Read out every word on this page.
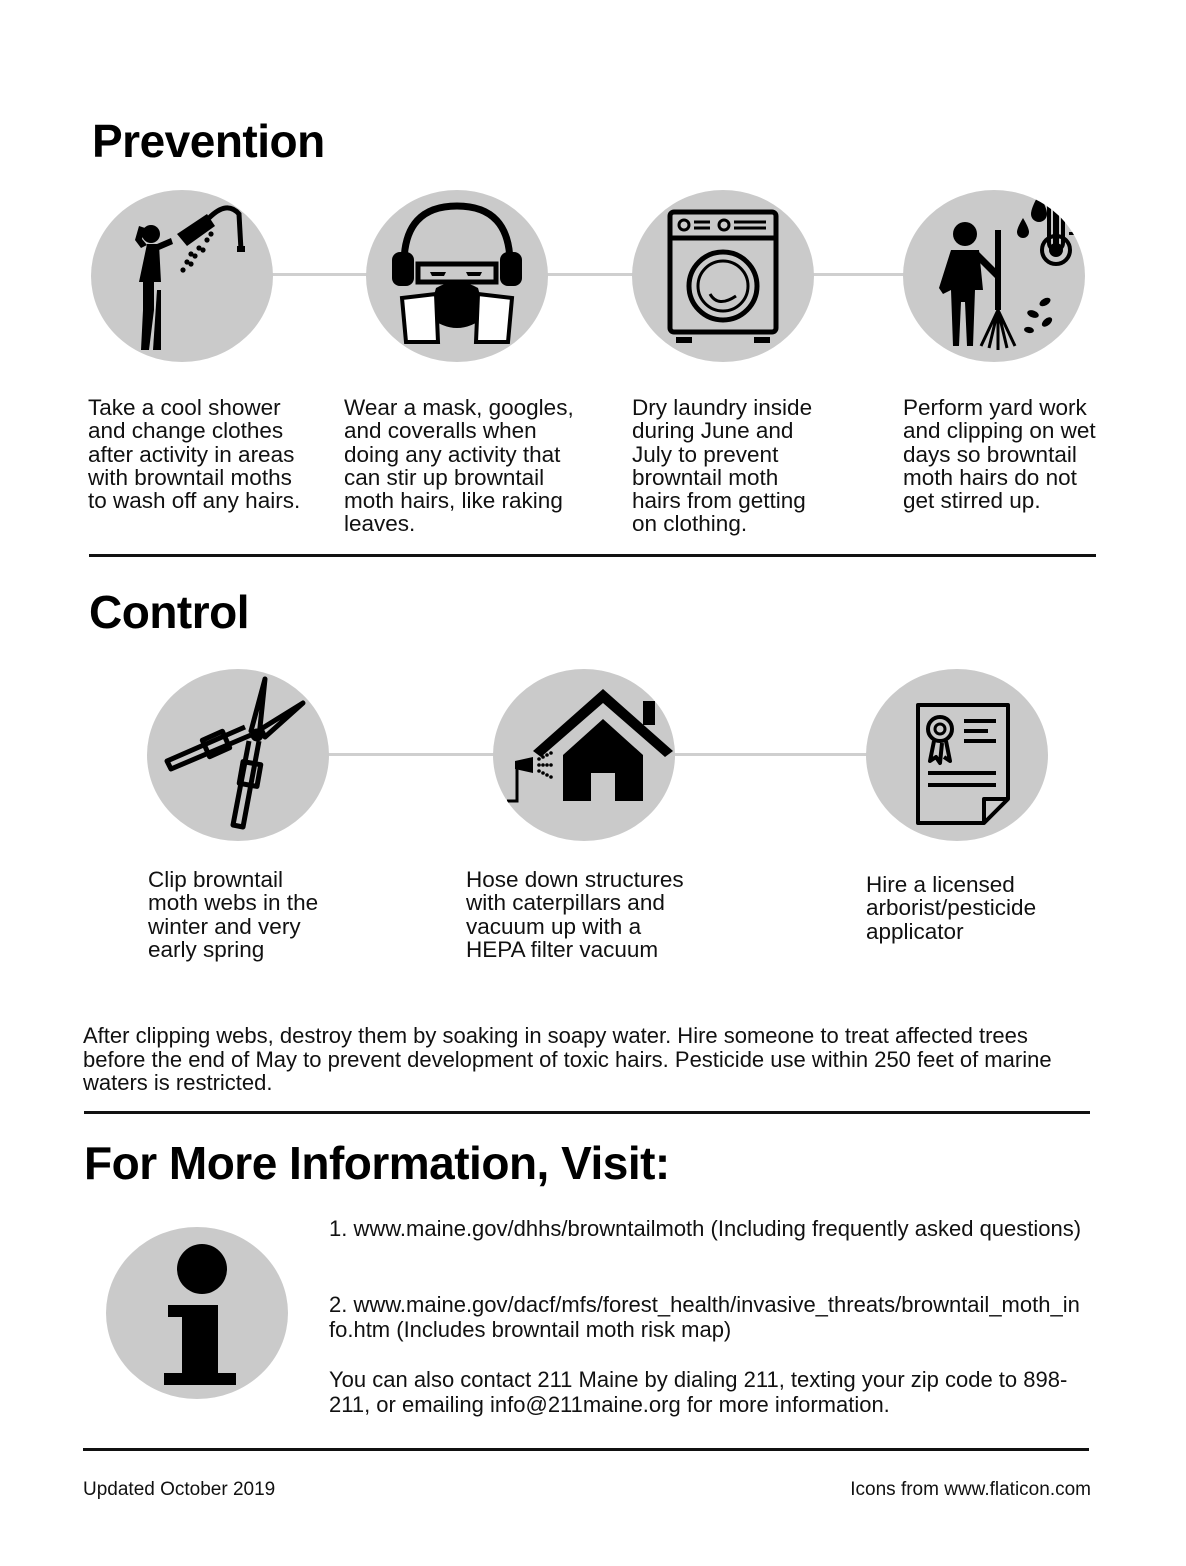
Prevention

Take a cool shower and change clothes after activity in areas with browntail moths to wash off any hairs.

Wear a mask, googles, and coveralls when doing any activity that can stir up browntail moth hairs, like raking leaves.

Dry laundry inside during June and July to prevent browntail moth hairs from getting on clothing.

Perform yard work and clipping on wet days so browntail moth hairs do not get stirred up.

Control

Clip browntail moth webs in the winter and very early spring

Hose down structures with caterpillars and vacuum up with a HEPA filter vacuum

Hire a licensed arborist/pesticide applicator

After clipping webs, destroy them by soaking in soapy water. Hire someone to treat affected trees before the end of May to prevent development of toxic hairs. Pesticide use within 250 feet of marine waters is restricted.

For More Information, Visit:

1. www.maine.gov/dhhs/browntailmoth (Including frequently asked questions)

2. www.maine.gov/dacf/mfs/forest_health/invasive_threats/browntail_moth_info.htm (Includes browntail moth risk map)

You can also contact 211 Maine by dialing 211, texting your zip code to 898-211, or emailing info@211maine.org for more information.

Updated October 2019	Icons from www.flaticon.com
